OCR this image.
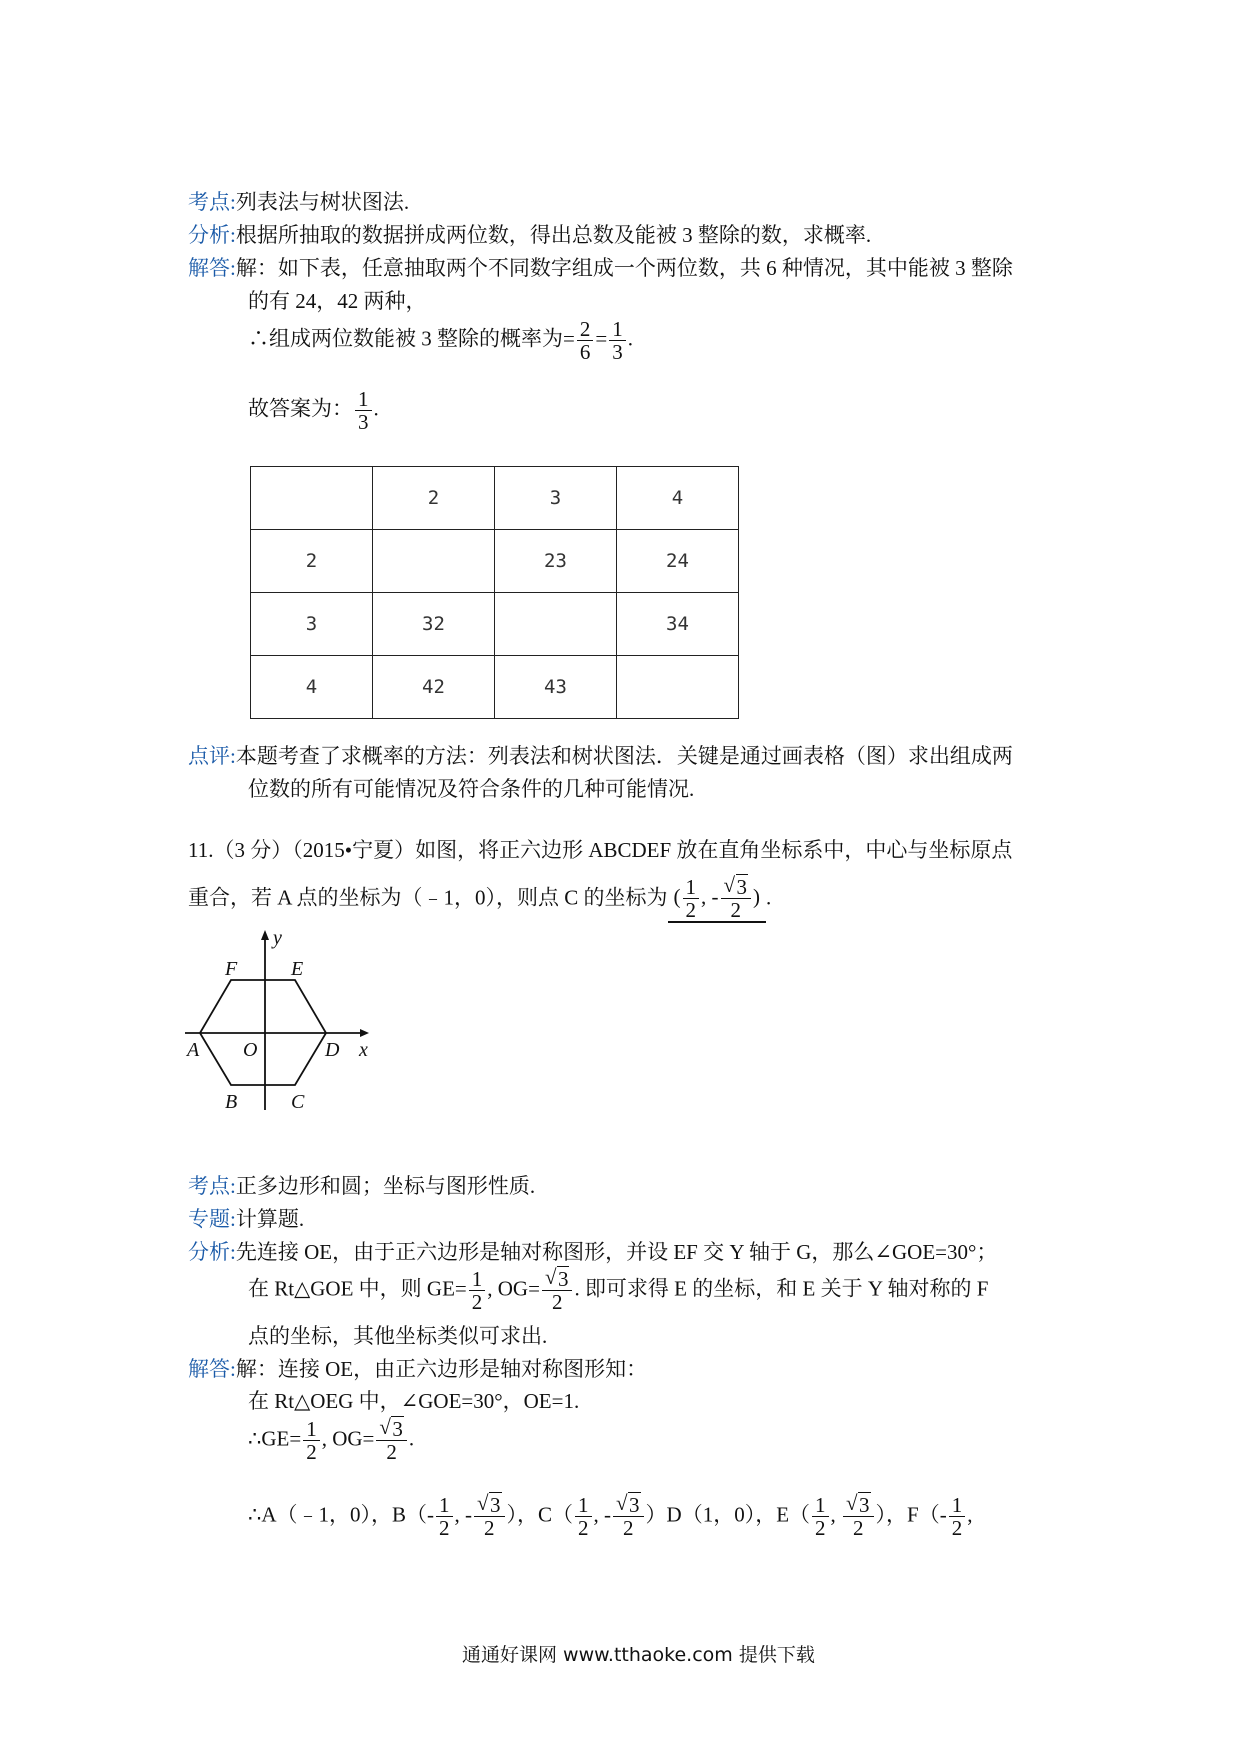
考点:列表法与树状图法.
分析:根据所抽取的数据拼成两位数，得出总数及能被 3 整除的数，求概率.
解答:解：如下表，任意抽取两个不同数字组成一个两位数，共 6 种情况，其中能被 3 整除
的有 24，42 两种，
∴组成两位数能被 3 整除的概率为= $\frac{2}{6} = \frac{1}{3}$ .
故答案为： $\frac{1}{3}$ .
	2	3	4
2		23	24
3	32		34
4	42	43	
点评:本题考查了求概率的方法：列表法和树状图法．关键是通过画表格（图）求出组成两
位数的所有可能情况及符合条件的几种可能情况.
11.（3 分）（2015•宁夏）如图，将正六边形 ABCDEF 放在直角坐标系中，中心与坐标原点
重合，若 A 点的坐标为（﹣1，0），则点 C 的坐标为 ( $\frac{1}{2}$ , - √ $\frac{3}{2}$ ) .
F	E
y
A O	D x
B	C
考点:正多边形和圆；坐标与图形性质.
专题:计算题.
分析:先连接 OE，由于正六边形是轴对称图形，并设 EF 交 Y 轴于 G，那么∠GOE=30°；
在 Rt△GOE 中，则 $GE= \frac{1}{2}$ , OG= √ $\frac{3}{2}$ . 即可求得 E 的坐标，和 E 关于 Y 轴对称的 F
点的坐标，其他坐标类似可求出.
解答:解：连接 OE，由正六边形是轴对称图形知：
在 Rt△OEG 中，∠GOE=30°，OE=1.
∴GE= $\frac{1}{2}$ , OG= √ $\frac{3}{2}$ .
∴A（﹣1，0），$B(- \frac{1}{2}$ , - √ $\frac{3}{2}$ ），$C( \frac{1}{2}$ , - √ $\frac{3}{2} )D(1$，0），$E( \frac{1}{2}$ , √ $\frac{3}{2}$ ），$F(- \frac{1}{2}$ ,
通通好课网 www.tthaoke.com 提供下载
